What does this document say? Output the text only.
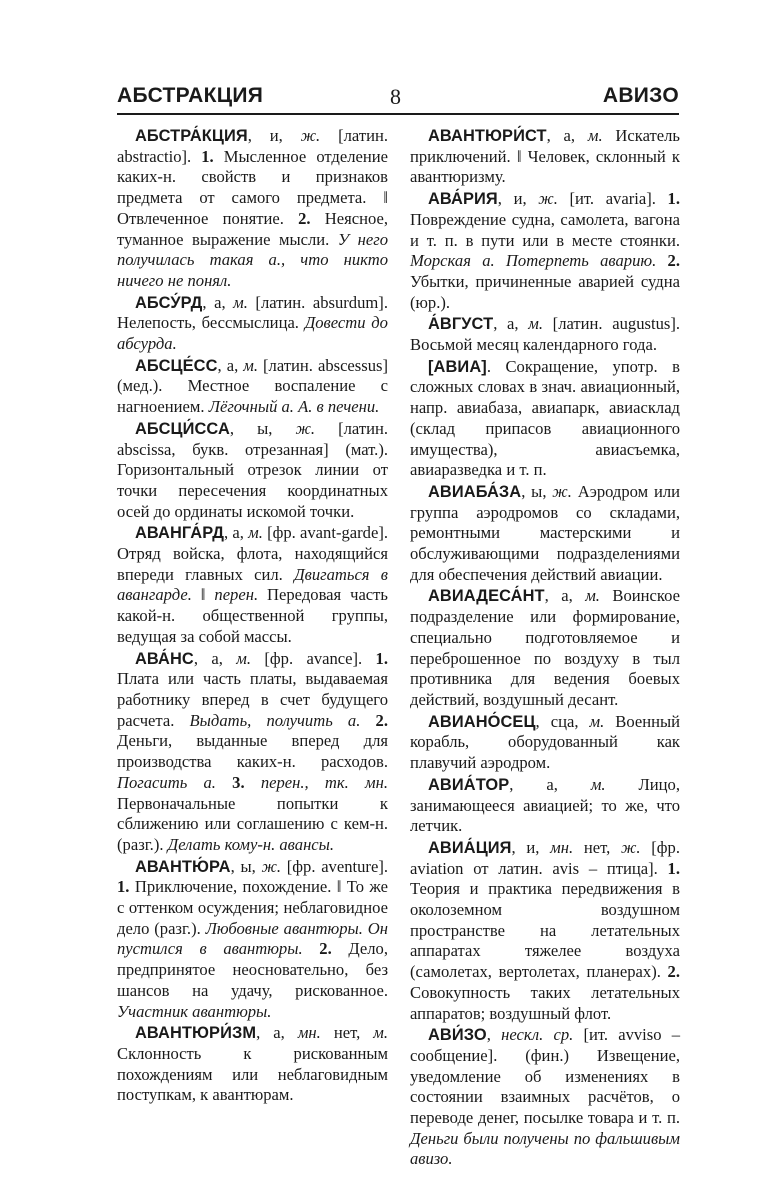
АБСТРАКЦИЯ	8	АВИЗО

АБСТРА́КЦИЯ, и, ж. [латин. abstractio]. 1. Мысленное отделение каких-н. свойств и признаков предмета от самого предмета. ‖ Отвлеченное понятие. 2. Неясное, туманное выражение мысли. У него получилась такая а., что никто ничего не понял.

АБСУ́РД, а, м. [латин. absurdum]. Нелепость, бессмыслица. Довести до абсурда.

АБСЦЕ́СС, а, м. [латин. abscessus] (мед.). Местное воспаление с нагноением. Лёгочный а. А. в печени.

АБСЦИ́ССА, ы, ж. [латин. abscissa, букв. отрезанная] (мат.). Горизонтальный отрезок линии от точки пересечения координатных осей до ординаты искомой точки.

АВАНГА́РД, а, м. [фр. avant-garde]. Отряд войска, флота, находящийся впереди главных сил. Двигаться в авангарде. ‖ перен. Передовая часть какой-н. общественной группы, ведущая за собой массы.

АВА́НС, а, м. [фр. avance]. 1. Плата или часть платы, выдаваемая работнику вперед в счет будущего расчета. Выдать, получить а. 2. Деньги, выданные вперед для производства каких-н. расходов. Погасить а. 3. перен., тк. мн. Первоначальные попытки к сближению или соглашению с кем-н. (разг.). Делать кому-н. авансы.

АВАНТЮ́РА, ы, ж. [фр. aventure]. 1. Приключение, похождение. ‖ То же с оттенком осуждения; неблаговидное дело (разг.). Любовные авантюры. Он пустился в авантюры. 2. Дело, предпринятое неосновательно, без шансов на удачу, рискованное. Участник авантюры.

АВАНТЮРИ́ЗМ, а, мн. нет, м. Склонность к рискованным похождениям или неблаговидным поступкам, к авантюрам.

АВАНТЮРИ́СТ, а, м. Искатель приключений. ‖ Человек, склонный к авантюризму.

АВА́РИЯ, и, ж. [ит. avaria]. 1. Повреждение судна, самолета, вагона и т. п. в пути или в месте стоянки. Морская а. Потерпеть аварию. 2. Убытки, причиненные аварией судна (юр.).

А́ВГУСТ, а, м. [латин. augustus]. Восьмой месяц календарного года.

[АВИА]. Сокращение, употр. в сложных словах в знач. авиационный, напр. авиабаза, авиапарк, авиасклад (склад припасов авиационного имущества), авиасъемка, авиаразведка и т. п.

АВИАБА́ЗА, ы, ж. Аэродром или группа аэродромов со складами, ремонтными мастерскими и обслуживающими подразделениями для обеспечения действий авиации.

АВИАДЕСА́НТ, а, м. Воинское подразделение или формирование, специально подготовляемое и переброшенное по воздуху в тыл противника для ведения боевых действий, воздушный десант.

АВИАНО́СЕЦ, сца, м. Военный корабль, оборудованный как плавучий аэродром.

АВИА́ТОР, а, м. Лицо, занимающееся авиацией; то же, что летчик.

АВИА́ЦИЯ, и, мн. нет, ж. [фр. aviation от латин. avis – птица]. 1. Теория и практика передвижения в околоземном воздушном пространстве на летательных аппаратах тяжелее воздуха (самолетах, вертолетах, планерах). 2. Совокупность таких летательных аппаратов; воздушный флот.

АВИ́ЗО, нескл. ср. [ит. avviso – сообщение]. (фин.) Извещение, уведомление об изменениях в состоянии взаимных расчётов, о переводе денег, посылке товара и т. п. Деньги были получены по фальшивым авизо.
